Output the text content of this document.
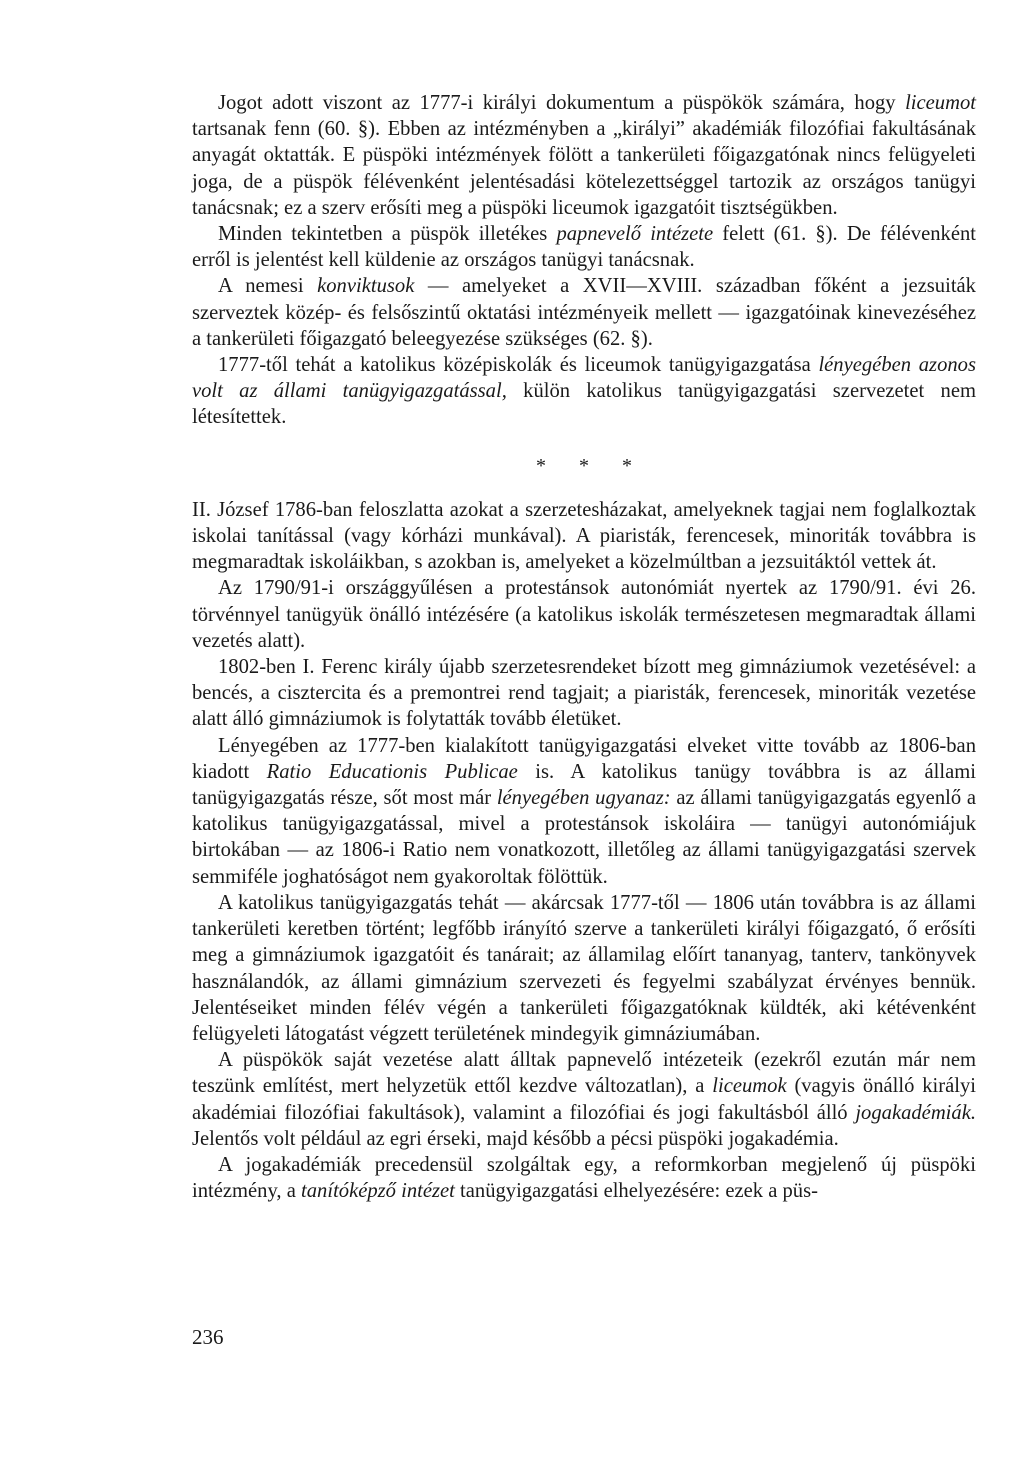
Jogot adott viszont az 1777-i királyi dokumentum a püspökök számára, hogy liceumot tartsanak fenn (60. §). Ebben az intézményben a „királyi” akadémiák filozófiai fakultásának anyagát oktatták. E püspöki intézmények fölött a tankerületi főigazgatónak nincs felügyeleti joga, de a püspök félévenként jelentésadási kötelezettséggel tartozik az országos tanügyi tanácsnak; ez a szerv erősíti meg a püspöki liceumok igazgatóit tisztségükben.

Minden tekintetben a püspök illetékes papnevelő intézete felett (61. §). De félévenként erről is jelentést kell küldenie az országos tanügyi tanácsnak.

A nemesi konviktusok — amelyeket a XVII—XVIII. században főként a jezsuiták szerveztek közép- és felsőszintű oktatási intézményeik mellett — igazgatóinak kinevezéséhez a tankerületi főigazgató beleegyezése szükséges (62. §).

1777-től tehát a katolikus középiskolák és liceumok tanügyigazgatása lényegében azonos volt az állami tanügyigazgatással, külön katolikus tanügyigazgatási szervezetet nem létesítettek.

* * *

II. József 1786-ban feloszlatta azokat a szerzetesházakat, amelyeknek tagjai nem foglalkoztak iskolai tanítással (vagy kórházi munkával). A piaristák, ferencesek, minoriták továbbra is megmaradtak iskoláikban, s azokban is, amelyeket a közelmúltban a jezsuitáktól vettek át.

Az 1790/91-i országgyűlésen a protestánsok autonómiát nyertek az 1790/91. évi 26. törvénnyel tanügyük önálló intézésére (a katolikus iskolák természetesen megmaradtak állami vezetés alatt).

1802-ben I. Ferenc király újabb szerzetesrendeket bízott meg gimnáziumok vezetésével: a bencés, a cisztercita és a premontrei rend tagjait; a piaristák, ferencesek, minoriták vezetése alatt álló gimnáziumok is folytatták tovább életüket.

Lényegében az 1777-ben kialakított tanügyigazgatási elveket vitte tovább az 1806-ban kiadott Ratio Educationis Publicae is. A katolikus tanügy továbbra is az állami tanügyigazgatás része, sőt most már lényegében ugyanaz: az állami tanügyigazgatás egyenlő a katolikus tanügyigazgatással, mivel a protestánsok iskoláira — tanügyi autonómiájuk birtokában — az 1806-i Ratio nem vonatkozott, illetőleg az állami tanügyigazgatási szervek semmiféle joghatóságot nem gyakoroltak fölöttük.

A katolikus tanügyigazgatás tehát — akárcsak 1777-től — 1806 után továbbra is az állami tankerületi keretben történt; legfőbb irányító szerve a tankerületi királyi főigazgató, ő erősíti meg a gimnáziumok igazgatóit és tanárait; az államilag előírt tananyag, tanterv, tankönyvek használandók, az állami gimnázium szervezeti és fegyelmi szabályzat érvényes bennük. Jelentéseiket minden félév végén a tankerületi főigazgatóknak küldték, aki kétévenként felügyeleti látogatást végzett területének mindegyik gimnáziumában.

A püspökök saját vezetése alatt álltak papnevelő intézeteik (ezekről ezután már nem teszünk említést, mert helyzetük ettől kezdve változatlan), a liceumok (vagyis önálló királyi akadémiai filozófiai fakultások), valamint a filozófiai és jogi fakultásból álló jogakadémiák. Jelentős volt például az egri érseki, majd később a pécsi püspöki jogakadémia.

A jogakadémiák precedensül szolgáltak egy, a reformkorban megjelenő új püspöki intézmény, a tanítóképző intézet tanügyigazgatási elhelyezésére: ezek a püs-

236
